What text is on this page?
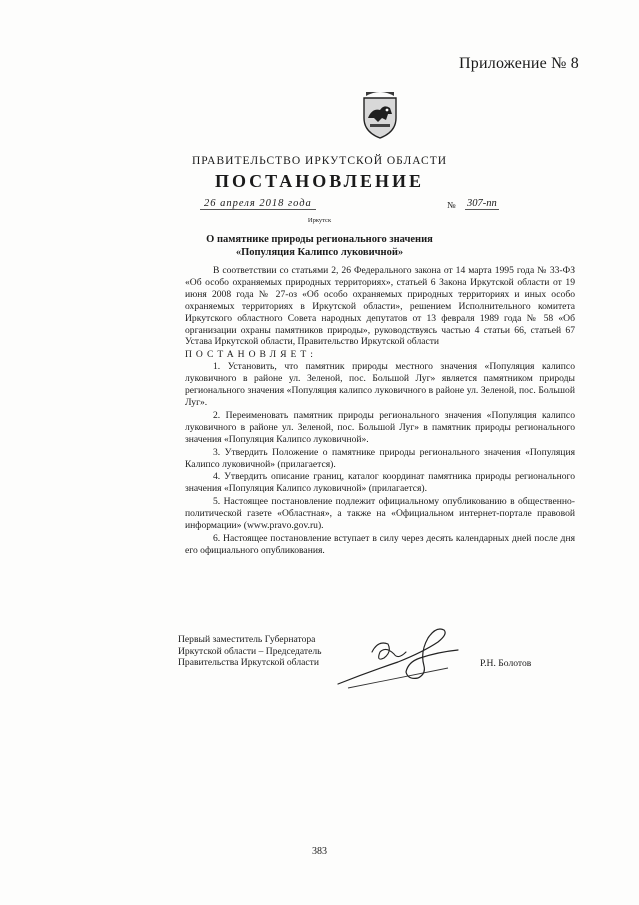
Приложение № 8
ПРАВИТЕЛЬСТВО ИРКУТСКОЙ ОБЛАСТИ
ПОСТАНОВЛЕНИЕ
26 апреля 2018 года	№ 307-пп
Иркутск
О памятнике природы регионального значения
«Популяция Калипсо луковичной»

В соответствии со статьями 2, 26 Федерального закона от 14 марта 1995 года № 33-ФЗ «Об особо охраняемых природных территориях», статьей 6 Закона Иркутской области от 19 июня 2008 года № 27-оз «Об особо охраняемых природных территориях и иных особо охраняемых территориях в Иркутской области», решением Исполнительного комитета Иркутского областного Совета народных депутатов от 13 февраля 1989 года № 58 «Об организации охраны памятников природы», руководствуясь частью 4 статьи 66, статьей 67 Устава Иркутской области, Правительство Иркутской области

ПОСТАНОВЛЯЕТ:

1. Установить, что памятник природы местного значения «Популяция калипсо луковичного в районе ул. Зеленой, пос. Большой Луг» является памятником природы регионального значения «Популяция калипсо луковичного в районе ул. Зеленой, пос. Большой Луг».

2. Переименовать памятник природы регионального значения «Популяция калипсо луковичного в районе ул. Зеленой, пос. Большой Луг» в памятник природы регионального значения «Популяция Калипсо луковичной».

3. Утвердить Положение о памятнике природы регионального значения «Популяция Калипсо луковичной» (прилагается).

4. Утвердить описание границ, каталог координат памятника природы регионального значения «Популяция Калипсо луковичной» (прилагается).

5. Настоящее постановление подлежит официальному опубликованию в общественно-политической газете «Областная», а также на «Официальном интернет-портале правовой информации» (www.pravo.gov.ru).

6. Настоящее постановление вступает в силу через десять календарных дней после дня его официального опубликования.

Первый заместитель Губернатора
Иркутской области – Председатель
Правительства Иркутской области	Р.Н. Болотов
383
